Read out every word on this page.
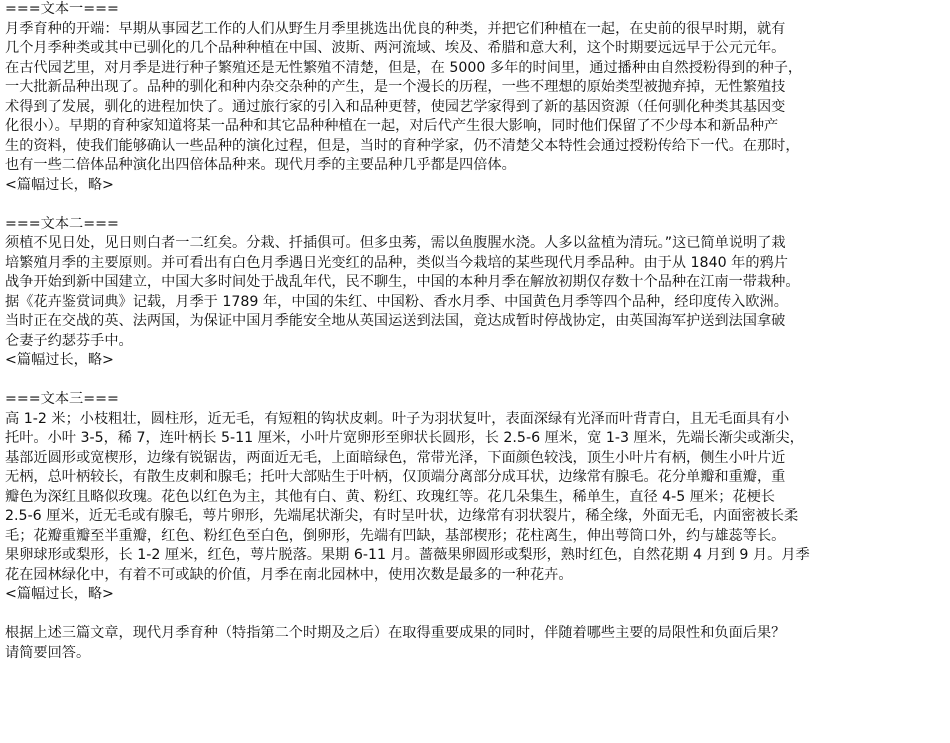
===文本一===
月季育种的开端：早期从事园艺工作的人们从野生月季里挑选出优良的种类，并把它们种植在一起，在史前的很早时期，就有
几个月季种类或其中已驯化的几个品种种植在中国、波斯、两河流域、埃及、希腊和意大利，这个时期要远远早于公元元年。
在古代园艺里，对月季是进行种子繁殖还是无性繁殖不清楚，但是，在 5000 多年的时间里，通过播种由自然授粉得到的种子，
一大批新品种出现了。品种的驯化和种内杂交杂种的产生，是一个漫长的历程，一些不理想的原始类型被抛弃掉，无性繁殖技
术得到了发展，驯化的进程加快了。通过旅行家的引入和品种更替，使园艺学家得到了新的基因资源（任何驯化种类其基因变
化很小）。早期的育种家知道将某一品种和其它品种种植在一起，对后代产生很大影响，同时他们保留了不少母本和新品种产
生的资料，使我们能够确认一些品种的演化过程，但是，当时的育种学家，仍不清楚父本特性会通过授粉传给下一代。在那时，
也有一些二倍体品种演化出四倍体品种来。现代月季的主要品种几乎都是四倍体。
<篇幅过长，略>
===文本二===
须植不见日处，见日则白者一二红矣。分栽、扦插俱可。但多虫莠，需以鱼腹腥水浇。人多以盆植为清玩。”这已简单说明了栽
培繁殖月季的主要原则。并可看出有白色月季遇日光变红的品种，类似当今栽培的某些现代月季品种。由于从 1840 年的鸦片
战争开始到新中国建立，中国大多时间处于战乱年代，民不聊生，中国的本种月季在解放初期仅存数十个品种在江南一带栽种。
据《花卉鉴赏词典》记载，月季于 1789 年，中国的朱红、中国粉、香水月季、中国黄色月季等四个品种，经印度传入欧洲。
当时正在交战的英、法两国，为保证中国月季能安全地从英国运送到法国，竟达成暂时停战协定，由英国海军护送到法国拿破
仑妻子约瑟芬手中。
<篇幅过长，略>
===文本三===
高 1-2 米；小枝粗壮，圆柱形，近无毛，有短粗的钩状皮刺。叶子为羽状复叶，表面深绿有光泽而叶背青白，且无毛面具有小
托叶。小叶 3-5，稀 7，连叶柄长 5-11 厘米，小叶片宽卵形至卵状长圆形，长 2.5-6 厘米，宽 1-3 厘米，先端长渐尖或渐尖，
基部近圆形或宽楔形，边缘有锐锯齿，两面近无毛，上面暗绿色，常带光泽，下面颜色较浅，顶生小叶片有柄，侧生小叶片近
无柄，总叶柄较长，有散生皮刺和腺毛；托叶大部贴生于叶柄，仅顶端分离部分成耳状，边缘常有腺毛。花分单瓣和重瓣，重
瓣色为深红且略似玫瑰。花色以红色为主，其他有白、黄、粉红、玫瑰红等。花几朵集生，稀单生，直径 4-5 厘米；花梗长
2.5-6 厘米，近无毛或有腺毛，萼片卵形，先端尾状渐尖，有时呈叶状，边缘常有羽状裂片，稀全缘，外面无毛，内面密被长柔
毛；花瓣重瓣至半重瓣，红色、粉红色至白色，倒卵形，先端有凹缺，基部楔形；花柱离生，伸出萼筒口外，约与雄蕊等长。
果卵球形或梨形，长 1-2 厘米，红色，萼片脱落。果期 6-11 月。蔷薇果卵圆形或梨形，熟时红色，自然花期 4 月到 9 月。月季
花在园林绿化中，有着不可或缺的价值，月季在南北园林中，使用次数是最多的一种花卉。
<篇幅过长，略>
根据上述三篇文章，现代月季育种（特指第二个时期及之后）在取得重要成果的同时，伴随着哪些主要的局限性和负面后果？
请简要回答。
